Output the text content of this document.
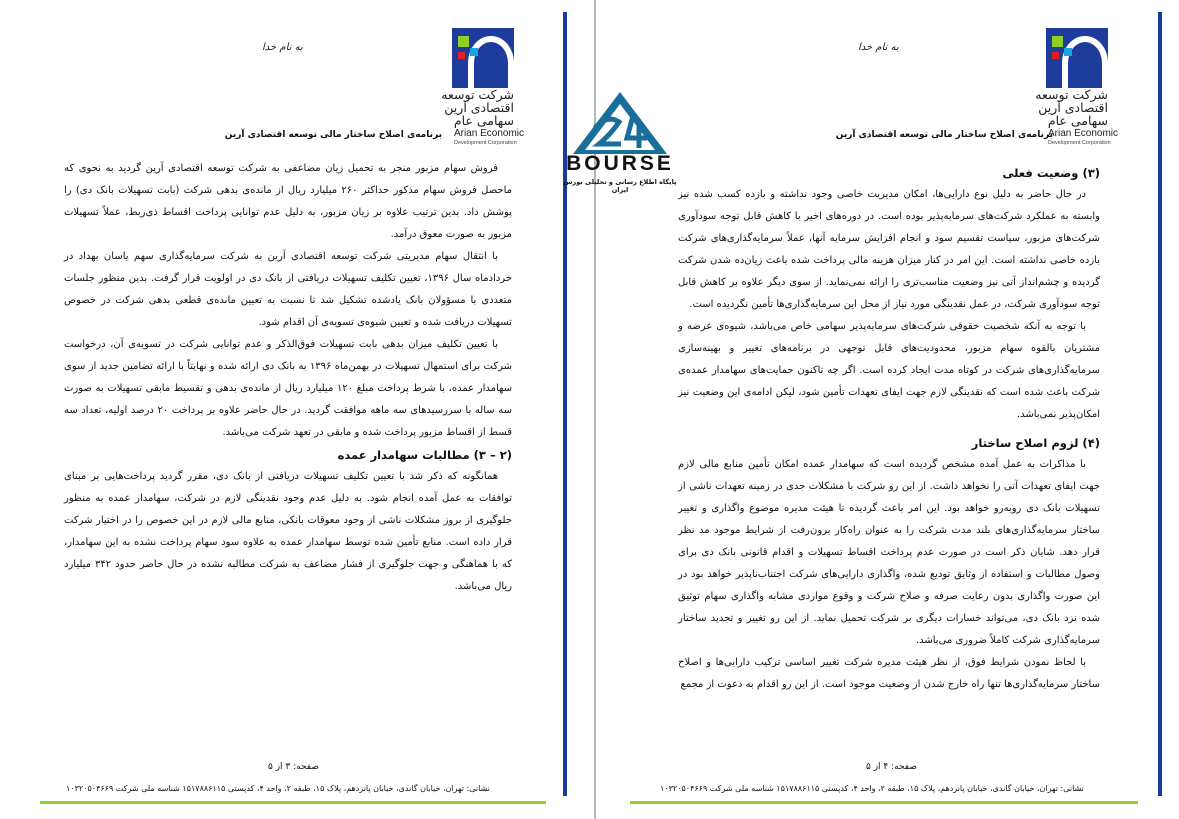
شرکت توسعه
اقتصادی آرین
سهامی عام
Arian Economic
Development Corporation
به نام خدا
برنامه‌ی اصلاح ساختار مالی توسعه اقتصادی آرین

فروش سهام مزبور منجر به تحمیل زیان مضاعفی به شرکت توسعه اقتصادی آرین گردید به نحوی که ماحصل فروش سهام مذکور حداکثر ۲۶۰ میلیارد ریال از مانده‌ی بدهی شرکت (بابت تسهیلات بانک دی) را پوشش داد. بدین ترتیب علاوه بر زیان مزبور، به دلیل عدم توانایی پرداخت اقساط ذی‌ربط، عملاً تسهیلات مزبور به صورت معوق درآمد.

با انتقال سهام مدیریتی شرکت توسعه اقتصادی آرین به شرکت سرمایه‌گذاری سهم یاسان بهداد در خردادماه سال ۱۳۹۶، تعیین تکلیف تسهیلات دریافتی از بانک دی در اولویت قرار گرفت. بدین منظور جلسات متعددی با مسؤولان بانک یادشده تشکیل شد تا نسبت به تعیین مانده‌ی قطعی بدهی شرکت در خصوص تسهیلات دریافت شده و تعیین شیوه‌ی تسویه‌ی آن اقدام شود.

با تعیین تکلیف میزان بدهی بابت تسهیلات فوق‌الذکر و عدم توانایی شرکت در تسویه‌ی آن، درخواست شرکت برای استمهال تسهیلات در بهمن‌ماه ۱۳۹۶ به بانک دی ارائه شده و نهایتاً با ارائه تضامین جدید از سوی سهامدار عمده، با شرط پرداخت مبلغ ۱۲۰ میلیارد ریال از مانده‌ی بدهی و تقسیط مابقی تسهیلات به صورت سه ساله با سررسیدهای سه ماهه موافقت گردید. در حال حاضر علاوه بر پرداخت ۲۰ درصد اولیه، تعداد سه قسط از اقساط مزبور پرداخت شده و مابقی در تعهد شرکت می‌باشد.

(۲ – ۳) مطالبات سهامدار عمده

همانگونه که ذکر شد با تعیین تکلیف تسهیلات دریافتی از بانک دی، مقرر گردید پرداخت‌هایی بر مبنای توافقات به عمل آمده انجام شود. به دلیل عدم وجود نقدینگی لازم در شرکت، سهامدار عمده به منظور جلوگیری از بروز مشکلات ناشی از وجود معوقات بانکی، منابع مالی لازم در این خصوص را در اختیار شرکت قرار داده است. منابع تأمین شده توسط سهامدار عمده به علاوه سود سهام پرداخت نشده به این سهامدار، که با هماهنگی و جهت جلوگیری از فشار مضاعف به شرکت مطالبه نشده در حال حاضر حدود ۳۴۲ میلیارد ریال می‌باشد.

صفحه: ۳ از ۵
نشانی: تهران، خیابان گاندی، خیابان پانزدهم، پلاک ۱۵، طبقه ۲، واحد ۴، کدپستی ۱۵۱۷۸۸۶۱۱۵ شناسه ملی شرکت ۱۰۳۲۰۵۰۴۶۶۹
شرکت توسعه
اقتصادی آرین
سهامی عام
Arian Economic
Development Corporation
به نام خدا
برنامه‌ی اصلاح ساختار مالی توسعه اقتصادی آرین
(۳) وضعیت فعلی

در حال حاضر به دلیل نوع دارایی‌ها، امکان مدیریت خاصی وجود نداشته و بازده کسب شده نیز وابسته به عملکرد شرکت‌های سرمایه‌پذیر بوده است. در دوره‌های اخیر با کاهش قابل توجه سودآوری شرکت‌های مزبور، سیاست تقسیم سود و انجام افزایش سرمایه آنها، عملاً سرمایه‌گذاری‌های شرکت بازده خاصی نداشته است. این امر در کنار میزان هزینه مالی پرداخت شده باعث زیان‌ده شدن شرکت گردیده و چشم‌انداز آتی نیز وضعیت مناسب‌تری را ارائه نمی‌نماید. از سوی دیگر علاوه بر کاهش قابل توجه سودآوری شرکت، در عمل نقدینگی مورد نیاز از محل این سرمایه‌گذاری‌ها تأمین نگردیده است.

با توجه به آنکه شخصیت حقوقی شرکت‌های سرمایه‌پذیر سهامی خاص می‌باشد، شیوه‌ی عرضه و مشتریان بالقوه سهام مزبور، محدودیت‌های قابل توجهی در برنامه‌های تغییر و بهینه‌سازی سرمایه‌گذاری‌های شرکت در کوتاه مدت ایجاد کرده است. اگر چه تاکنون حمایت‌های سهامدار عمده‌ی شرکت باعث شده است که نقدینگی لازم جهت ایفای تعهدات تأمین شود، لیکن ادامه‌ی این وضعیت نیز امکان‌پذیر نمی‌باشد.

(۴) لزوم اصلاح ساختار

با مذاکرات به عمل آمده مشخص گردیده است که سهامدار عمده امکان تأمین منابع مالی لازم جهت ایفای تعهدات آتی را نخواهد داشت. از این رو شرکت با مشکلات جدی در زمینه تعهدات ناشی از تسهیلات بانک دی روبه‌رو خواهد بود. این امر باعث گردیده تا هیئت مدیره موضوع واگذاری و تغییر ساختار سرمایه‌گذاری‌های بلند مدت شرکت را به عنوان راه‌کار برون‌رفت از شرایط موجود مد نظر قرار دهد. شایان ذکر است در صورت عدم پرداخت اقساط تسهیلات و اقدام قانونی بانک دی برای وصول مطالبات و استفاده از وثایق تودیع شده، واگذاری دارایی‌های شرکت اجتناب‌ناپذیر خواهد بود در این صورت واگذاری بدون رعایت صرفه و صلاح شرکت و وقوع مواردی مشابه واگذاری سهام توثیق شده نزد بانک دی، می‌تواند خسارات دیگری بر شرکت تحمیل نماید. از این رو تغییر و تجدید ساختار سرمایه‌گذاری شرکت کاملاً ضروری می‌باشد.

با لحاظ نمودن شرایط فوق، از نظر هیئت مدیره شرکت تغییر اساسی ترکیب دارایی‌ها و اصلاح ساختار سرمایه‌گذاری‌ها تنها راه خارج شدن از وضعیت موجود است. از این رو اقدام به دعوت از مجمع

صفحه: ۴ از ۵
نشانی: تهران، خیابان گاندی، خیابان پانزدهم، پلاک ۱۵، طبقه ۲، واحد ۴، کدپستی ۱۵۱۷۸۸۶۱۱۵ شناسه ملی شرکت ۱۰۳۲۰۵۰۴۶۶۹
BOURSE
پایگاه اطلاع رسانی و تحلیلی بورس ایران
